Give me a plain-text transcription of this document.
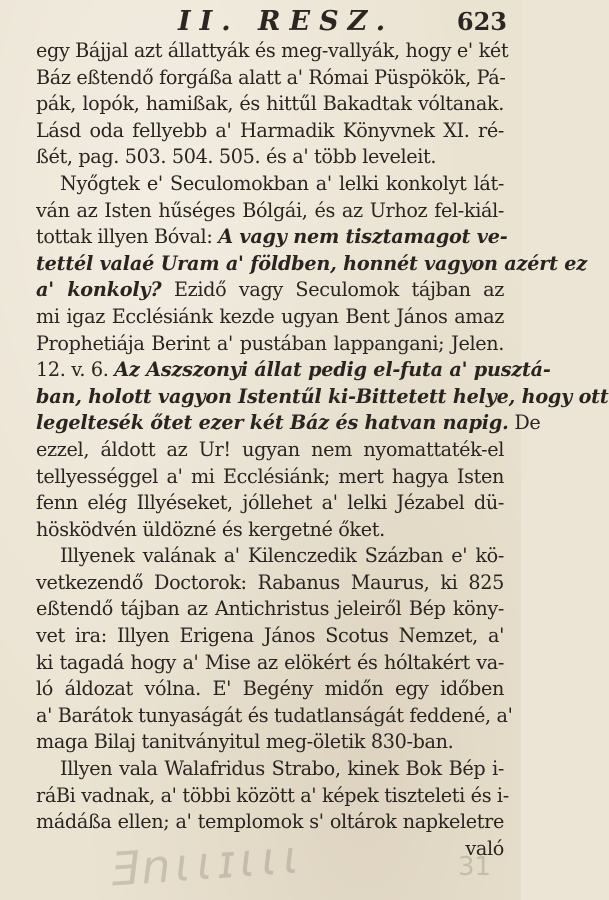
II. RESZ.	623
egy Bájjal azt állattyák és meg-vallyák, hogy e' két
Báz eßtendő forgáßa alatt a' Római Püspökök, Pá-
pák, lopók, hamißak, és hittűl Bakadtak vóltanak.
Lásd oda fellyebb a' Harmadik Könyvnek XI. ré-
ßét, pag. 503. 504. 505. és a' több leveleit.
Nyőgtek e' Seculomokban a' lelki konkolyt lát-
ván az Isten hűséges Bólgái, és az Urhoz fel-kiál-
tottak illyen Bóval: A vagy nem tisztamagot ve-
tettél valaé Uram a' földben, honnét vagyon azért ez
a' konkoly? Ezidő vagy Seculomok tájban az
mi igaz Ecclésiánk kezde ugyan Bent János amaz
Prophetiája Berint a' pustában lappangani; Jelen.
12. v. 6. Az Aszszonyi állat pedig el-futa a' pusztá-
ban, holott vagyon Istentűl ki-Bittetett helye, hogy ott
legeltesék őtet ezer két Báz és hatvan napig. De
ezzel, áldott az Ur! ugyan nem nyomattaték-el
tellyességgel a' mi Ecclésiánk; mert hagya Isten
fenn elég Illyéseket, jóllehet a' lelki Jézabel dü-
hösködvén üldözné és kergetné őket.
Illyenek valának a' Kilenczedik Százban e' kö-
vetkezendő Doctorok: Rabanus Maurus, ki 825
eßtendő tájban az Antichristus jeleiről Bép köny-
vet ira: Illyen Erigena János Scotus Nemzet, a'
ki tagadá hogy a' Mise az elökért és hóltakért va-
ló áldozat vólna. E' Begény midőn egy időben
a' Barátok tunyaságát és tudatlanságát feddené, a'
maga Bilaj tanitványitul meg-öletik 830-ban.
Illyen vala Walafridus Strabo, kinek Bok Bép i-
ráBi vadnak, a' többi között a' képek tiszteleti és i-
mádáßa ellen; a' templomok s' oltárok napkeletre
való
Ǝnɩɩɪɩɩɩ	31
